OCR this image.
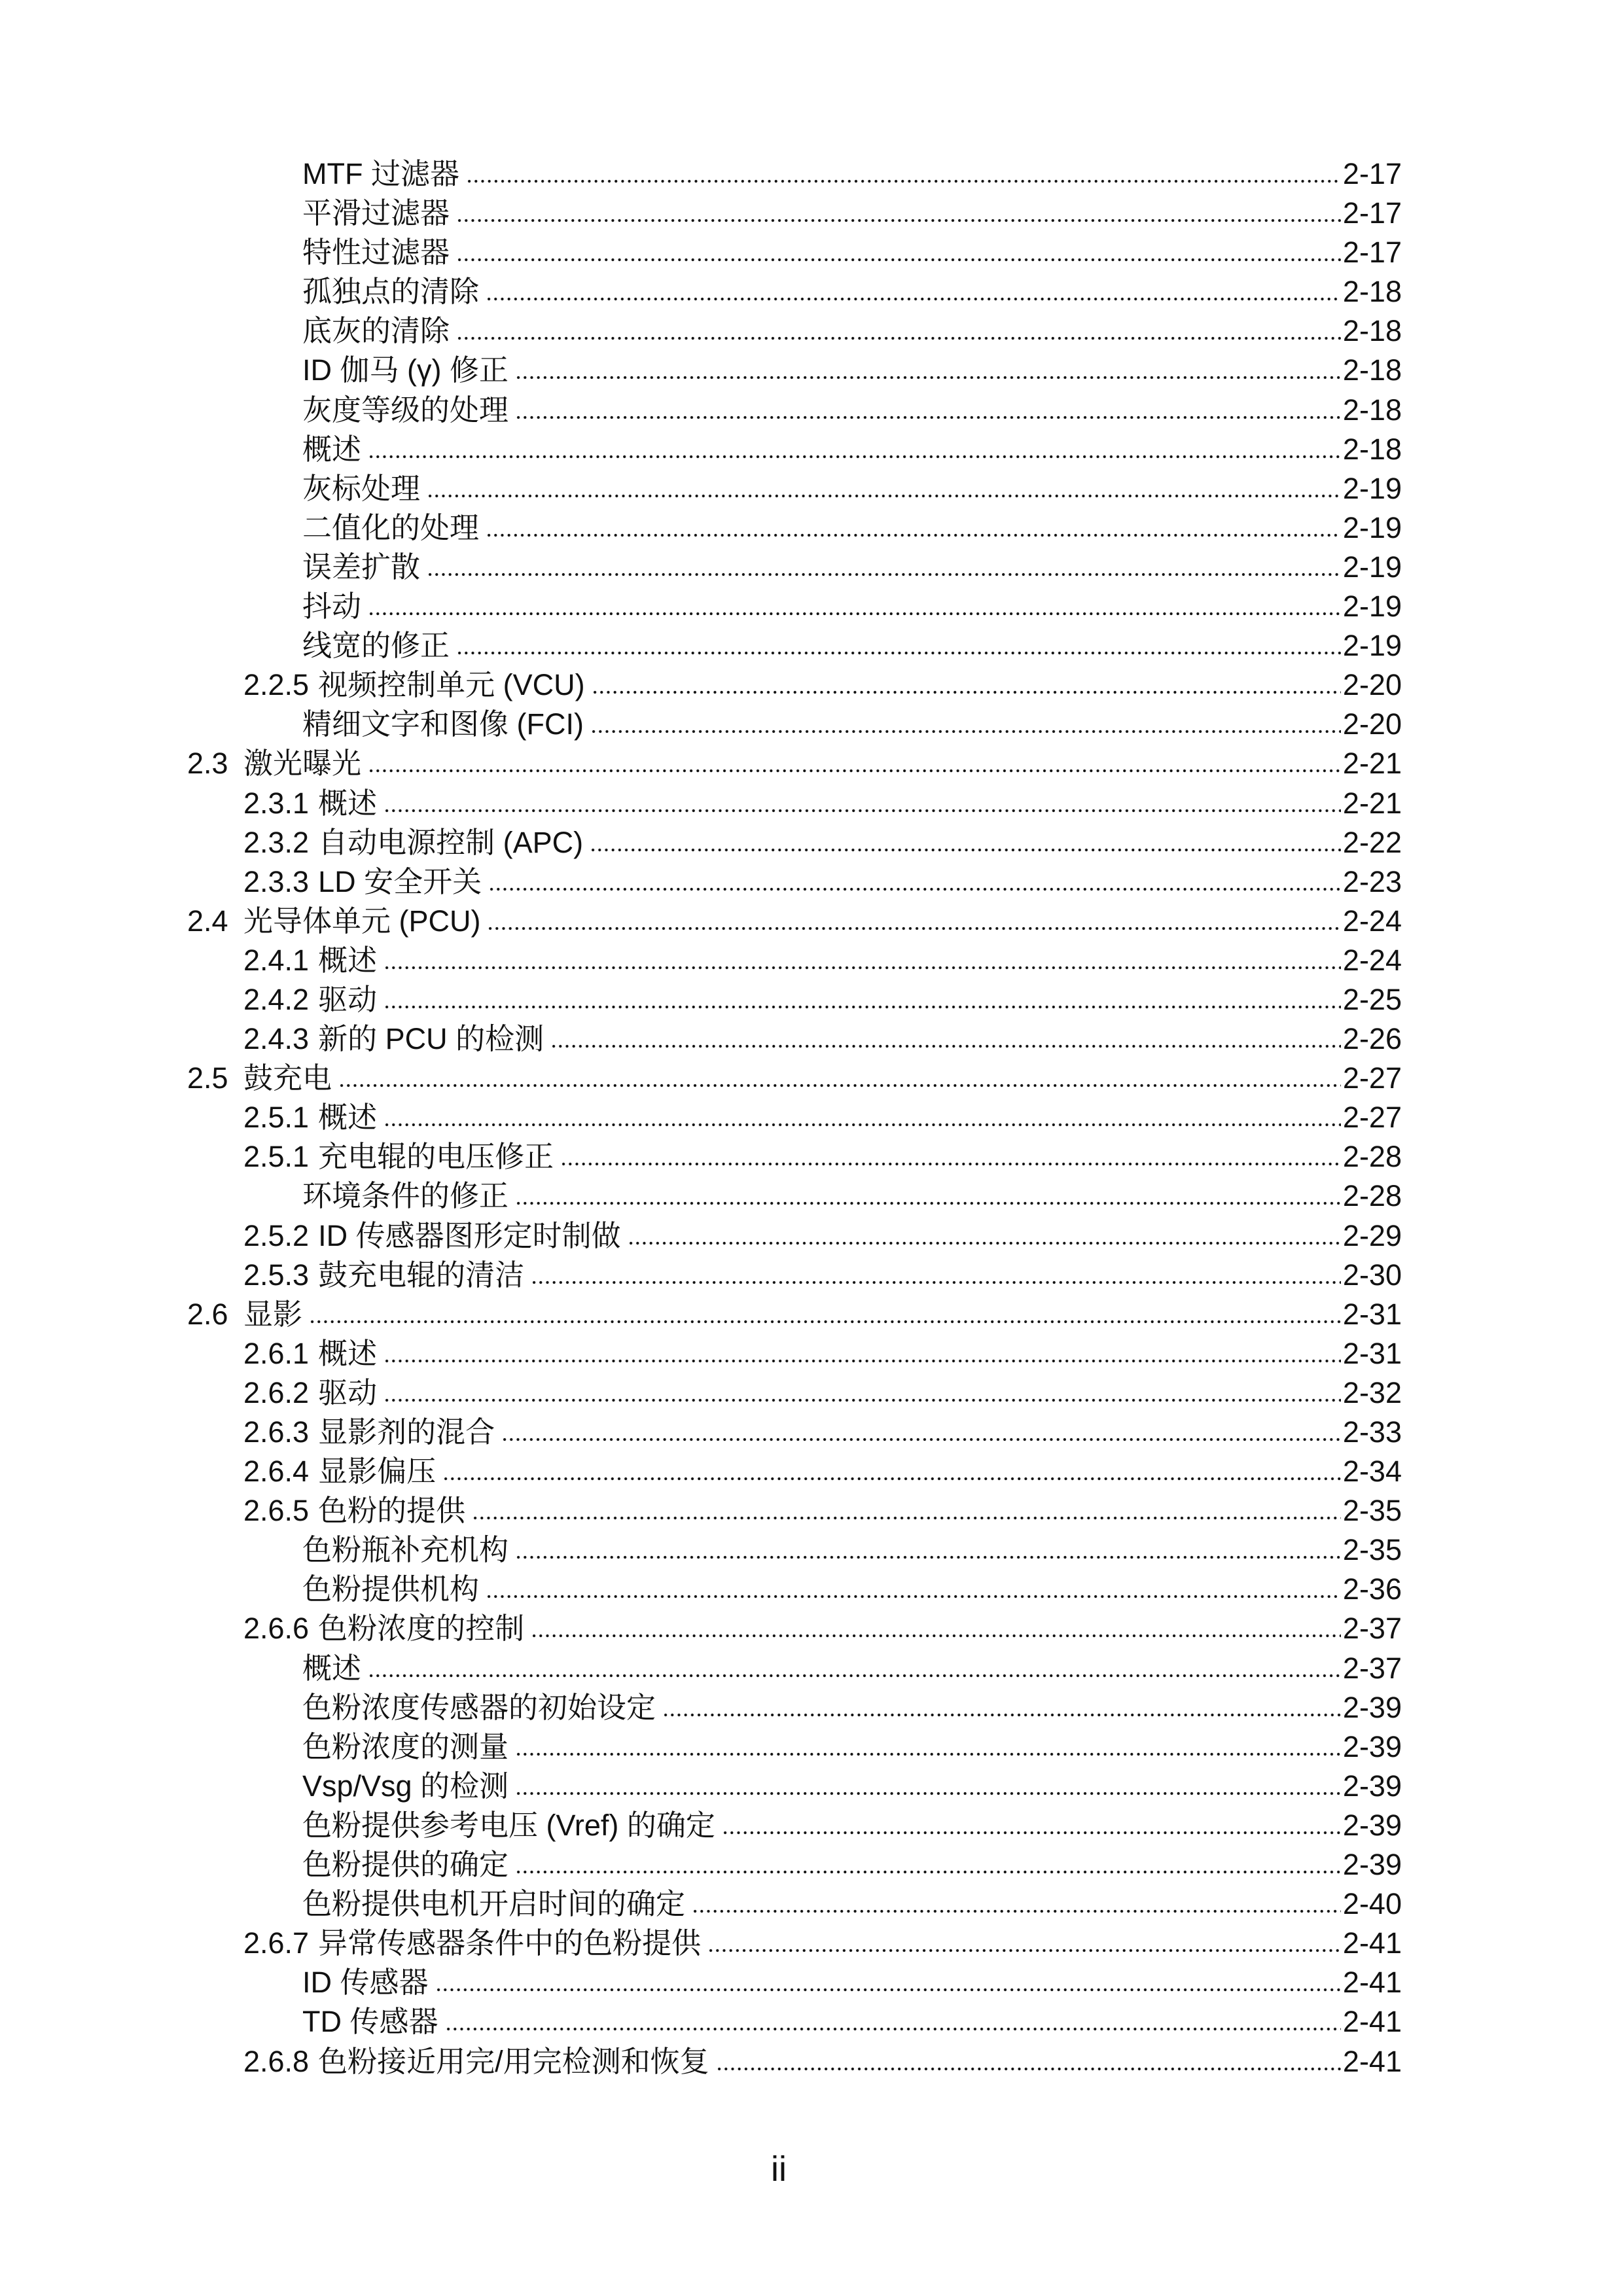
MTF 过滤器	2-17
平滑过滤器	2-17
特性过滤器	2-17
孤独点的清除	2-18
底灰的清除	2-18
ID 伽马 (γ) 修正	2-18
灰度等级的处理	2-18
概述	2-18
灰标处理	2-19
二值化的处理	2-19
误差扩散	2-19
抖动	2-19
线宽的修正	2-19
2.2.5 视频控制单元 (VCU)	2-20
精细文字和图像 (FCI)	2-20
2.3 激光曝光	2-21
2.3.1 概述	2-21
2.3.2 自动电源控制 (APC)	2-22
2.3.3 LD 安全开关	2-23
2.4 光导体单元 (PCU)	2-24
2.4.1 概述	2-24
2.4.2 驱动	2-25
2.4.3 新的 PCU 的检测	2-26
2.5 鼓充电	2-27
2.5.1 概述	2-27
2.5.1 充电辊的电压修正	2-28
环境条件的修正	2-28
2.5.2 ID 传感器图形定时制做	2-29
2.5.3 鼓充电辊的清洁	2-30
2.6 显影	2-31
2.6.1 概述	2-31
2.6.2 驱动	2-32
2.6.3 显影剂的混合	2-33
2.6.4 显影偏压	2-34
2.6.5 色粉的提供	2-35
色粉瓶补充机构	2-35
色粉提供机构	2-36
2.6.6 色粉浓度的控制	2-37
概述	2-37
色粉浓度传感器的初始设定	2-39
色粉浓度的测量	2-39
Vsp/Vsg 的检测	2-39
色粉提供参考电压 (Vref) 的确定	2-39
色粉提供的确定	2-39
色粉提供电机开启时间的确定	2-40
2.6.7 异常传感器条件中的色粉提供	2-41
ID 传感器	2-41
TD 传感器	2-41
2.6.8 色粉接近用完/用完检测和恢复	2-41
ii
